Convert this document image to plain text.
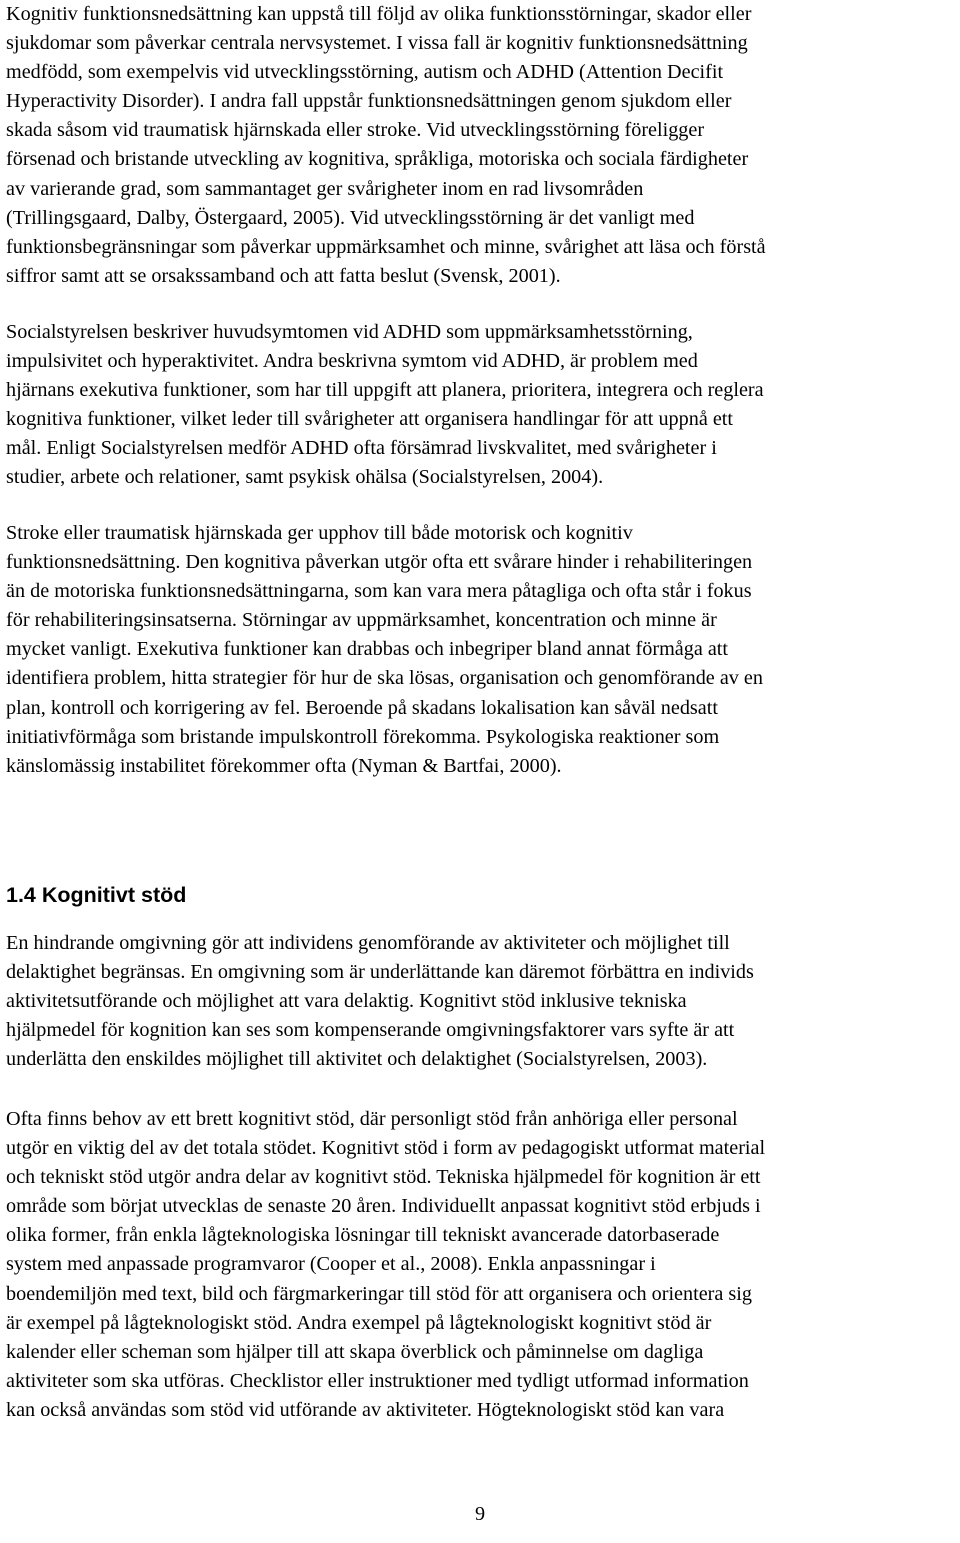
Kognitiv funktionsnedsättning kan uppstå till följd av olika funktionsstörningar, skador eller
sjukdomar som påverkar centrala nervsystemet. I vissa fall är kognitiv funktionsnedsättning
medfödd, som exempelvis vid utvecklingsstörning, autism och ADHD (Attention Decifit
Hyperactivity Disorder). I andra fall uppstår funktionsnedsättningen genom sjukdom eller
skada såsom vid traumatisk hjärnskada eller stroke. Vid utvecklingsstörning föreligger
försenad och bristande utveckling av kognitiva, språkliga, motoriska och sociala färdigheter
av varierande grad, som sammantaget ger svårigheter inom en rad livsområden
(Trillingsgaard, Dalby, Östergaard, 2005). Vid utvecklingsstörning är det vanligt med
funktionsbegränsningar som påverkar uppmärksamhet och minne, svårighet att läsa och förstå
siffror samt att se orsakssamband och att fatta beslut (Svensk, 2001).

Socialstyrelsen beskriver huvudsymtomen vid ADHD som uppmärksamhetsstörning,
impulsivitet och hyperaktivitet. Andra beskrivna symtom vid ADHD, är problem med
hjärnans exekutiva funktioner, som har till uppgift att planera, prioritera, integrera och reglera
kognitiva funktioner, vilket leder till svårigheter att organisera handlingar för att uppnå ett
mål. Enligt Socialstyrelsen medför ADHD ofta försämrad livskvalitet, med svårigheter i
studier, arbete och relationer, samt psykisk ohälsa (Socialstyrelsen, 2004).

Stroke eller traumatisk hjärnskada ger upphov till både motorisk och kognitiv
funktionsnedsättning. Den kognitiva påverkan utgör ofta ett svårare hinder i rehabiliteringen
än de motoriska funktionsnedsättningarna, som kan vara mera påtagliga och ofta står i fokus
för rehabiliteringsinsatserna. Störningar av uppmärksamhet, koncentration och minne är
mycket vanligt. Exekutiva funktioner kan drabbas och inbegriper bland annat förmåga att
identifiera problem, hitta strategier för hur de ska lösas, organisation och genomförande av en
plan, kontroll och korrigering av fel. Beroende på skadans lokalisation kan såväl nedsatt
initiativförmåga som bristande impulskontroll förekomma. Psykologiska reaktioner som
känslomässig instabilitet förekommer ofta (Nyman & Bartfai, 2000).

1.4 Kognitivt stöd

En hindrande omgivning gör att individens genomförande av aktiviteter och möjlighet till
delaktighet begränsas. En omgivning som är underlättande kan däremot förbättra en individs
aktivitetsutförande och möjlighet att vara delaktig. Kognitivt stöd inklusive tekniska
hjälpmedel för kognition kan ses som kompenserande omgivningsfaktorer vars syfte är att
underlätta den enskildes möjlighet till aktivitet och delaktighet (Socialstyrelsen, 2003).

Ofta finns behov av ett brett kognitivt stöd, där personligt stöd från anhöriga eller personal
utgör en viktig del av det totala stödet. Kognitivt stöd i form av pedagogiskt utformat material
och tekniskt stöd utgör andra delar av kognitivt stöd. Tekniska hjälpmedel för kognition är ett
område som börjat utvecklas de senaste 20 åren. Individuellt anpassat kognitivt stöd erbjuds i
olika former, från enkla lågteknologiska lösningar till tekniskt avancerade datorbaserade
system med anpassade programvaror (Cooper et al., 2008). Enkla anpassningar i
boendemiljön med text, bild och färgmarkeringar till stöd för att organisera och orientera sig
är exempel på lågteknologiskt stöd. Andra exempel på lågteknologiskt kognitivt stöd är
kalender eller scheman som hjälper till att skapa överblick och påminnelse om dagliga
aktiviteter som ska utföras. Checklistor eller instruktioner med tydligt utformad information
kan också användas som stöd vid utförande av aktiviteter. Högteknologiskt stöd kan vara

9
